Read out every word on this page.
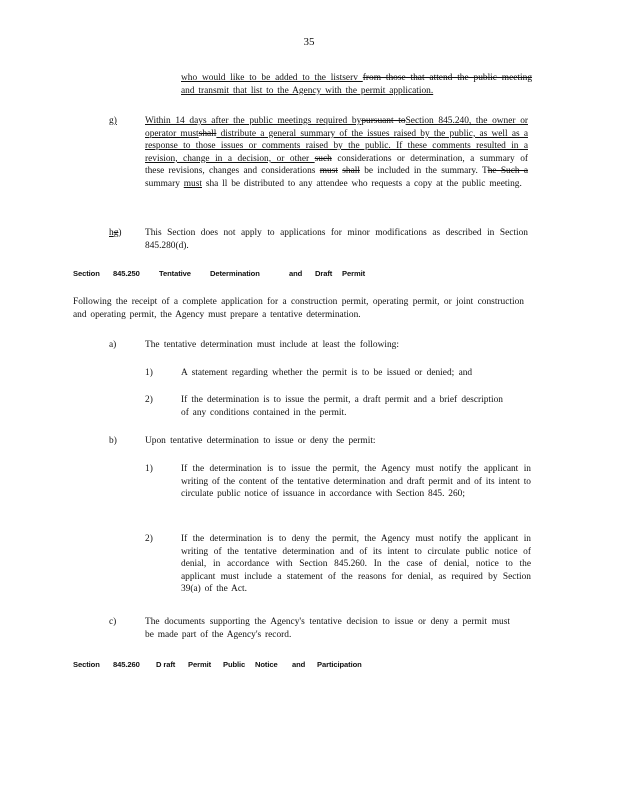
35
who would like to be added to the listserv from those that attend the public meeting and transmit that list to the Agency with the permit application.
g)	Within 14 days after the public meetings required bypursuant toSection 845.240, the owner or operator mustshall distribute a general summary of the issues raised by the public, as well as a response to those issues or comments raised by the public. If these comments resulted in a revision, change in a decision, or other such considerations or determination, a summary of these revisions, changes and considerations must shall be included in the summary. The Such a summary must sha ll be distributed to any attendee who requests a copy at the public meeting.
hg)	This Section does not apply to applications for minor modifications as described in Section 845.280(d).
Section 845.250	Tentative	Determination	and Draft Permit
Following the receipt of a complete application for a construction permit, operating permit, or joint construction and operating permit, the Agency must prepare a tentative determination.
a)	The tentative determination must include at least the following:
1)	A statement regarding whether the permit is to be issued or denied; and
2)	If the determination is to issue the permit, a draft permit and a brief description of any conditions contained in the permit.
b)	Upon tentative determination to issue or deny the permit:
1)	If the determination is to issue the permit, the Agency must notify the applicant in writing of the content of the tentative determination and draft permit and of its intent to circulate public notice of issuance in accordance with Section 845. 260;
2)	If the determination is to deny the permit, the Agency must notify the applicant in writing of the tentative determination and of its intent to circulate public notice of denial, in accordance with Section 845.260. In the case of denial, notice to the applicant must include a statement of the reasons for denial, as required by Section 39(a) of the Act.
c)	The documents supporting the Agency's tentative decision to issue or deny a permit must be made part of the Agency's record.
Section 845.260 D raft Permit Public Notice and Participation
